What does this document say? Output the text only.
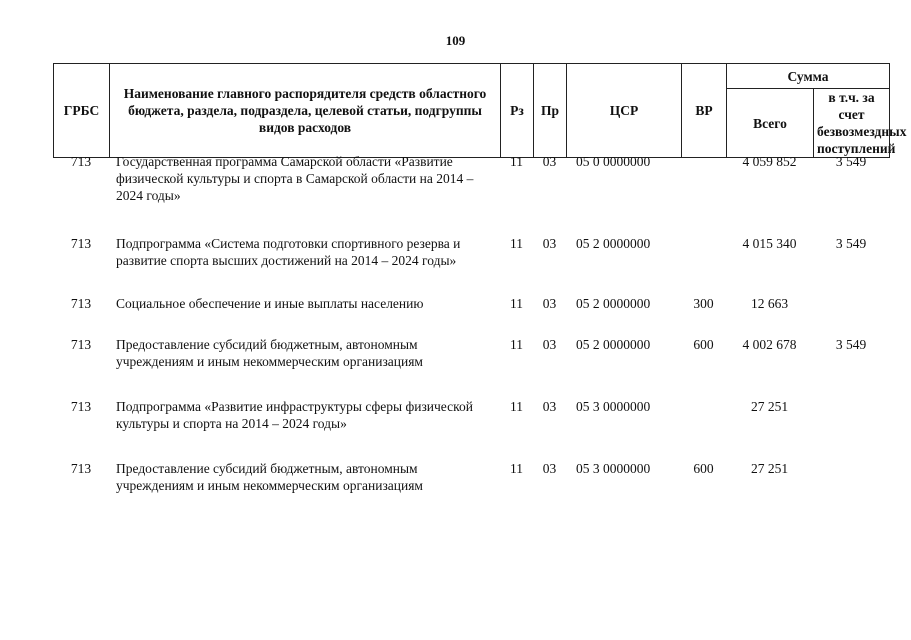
109
ГРБС	Наименование главного распорядителя средств областного бюджета, раздела, подраздела, целевой статьи, подгруппы видов расходов	Рз	Пр	ЦСР	ВР	Сумма	
						Всего	в т.ч. за счет безвозмездных поступлений
713	Государственная программа Самарской области «Развитие физической культуры и спорта в Самарской области на 2014 – 2024 годы»	11	03	05 0 0000000		4 059 852	3 549
713	Подпрограмма «Система подготовки спортивного резерва и развитие спорта высших достижений на 2014 – 2024 годы»	11	03	05 2 0000000		4 015 340	3 549
713	Социальное обеспечение и иные выплаты населению	11	03	05 2 0000000	300	12 663	
713	Предоставление субсидий бюджетным, автономным учреждениям и иным некоммерческим организациям	11	03	05 2 0000000	600	4 002 678	3 549
713	Подпрограмма «Развитие инфраструктуры сферы физической культуры и спорта на 2014 – 2024 годы»	11	03	05 3 0000000		27 251	
713	Предоставление субсидий бюджетным, автономным учреждениям и иным некоммерческим организациям	11	03	05 3 0000000	600	27 251	
